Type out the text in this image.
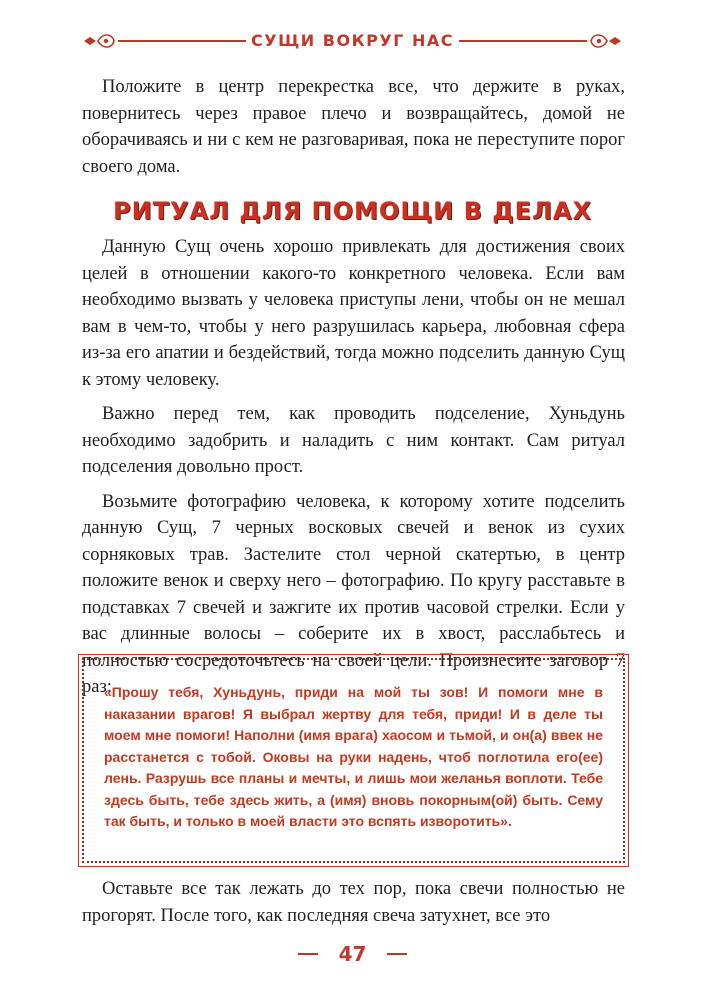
СУЩИ ВОКРУГ НАС

Положите в центр перекрестка все, что держите в руках, повернитесь через правое плечо и возвращайтесь, домой не оборачиваясь и ни с кем не разговаривая, пока не переступите порог своего дома.

РИТУАЛ ДЛЯ ПОМОЩИ В ДЕЛАХ

Данную Сущ очень хорошо привлекать для достижения своих целей в отношении какого-то конкретного человека. Если вам необходимо вызвать у человека приступы лени, чтобы он не мешал вам в чем-то, чтобы у него разрушилась карьера, любовная сфера из-за его апатии и бездействий, тогда можно подселить данную Сущ к этому человеку.

Важно перед тем, как проводить подселение, Хуньдунь необходимо задобрить и наладить с ним контакт. Сам ритуал подселения довольно прост.

Возьмите фотографию человека, к которому хотите подселить данную Сущ, 7 черных восковых свечей и венок из сухих сорняковых трав. Застелите стол черной скатертью, в центр положите венок и сверху него – фотографию. По кругу расставьте в подставках 7 свечей и зажгите их против часовой стрелки. Если у вас длинные волосы – соберите их в хвост, расслабьтесь и полностью сосредоточьтесь на своей цели. Произнесите заговор 7 раз:

«Прошу тебя, Хуньдунь, приди на мой ты зов! И помоги мне в наказании врагов! Я выбрал жертву для тебя, приди! И в деле ты моем мне помоги! Наполни (имя врага) хаосом и тьмой, и он(а) ввек не расстанется с тобой. Оковы на руки надень, чтоб поглотила его(ее) лень. Разрушь все планы и мечты, и лишь мои желанья воплоти. Тебе здесь быть, тебе здесь жить, а (имя) вновь покорным(ой) быть. Сему так быть, и только в моей власти это вспять изворотить».

Оставьте все так лежать до тех пор, пока свечи полностью не прогорят. После того, как последняя свеча затухнет, все это

47
